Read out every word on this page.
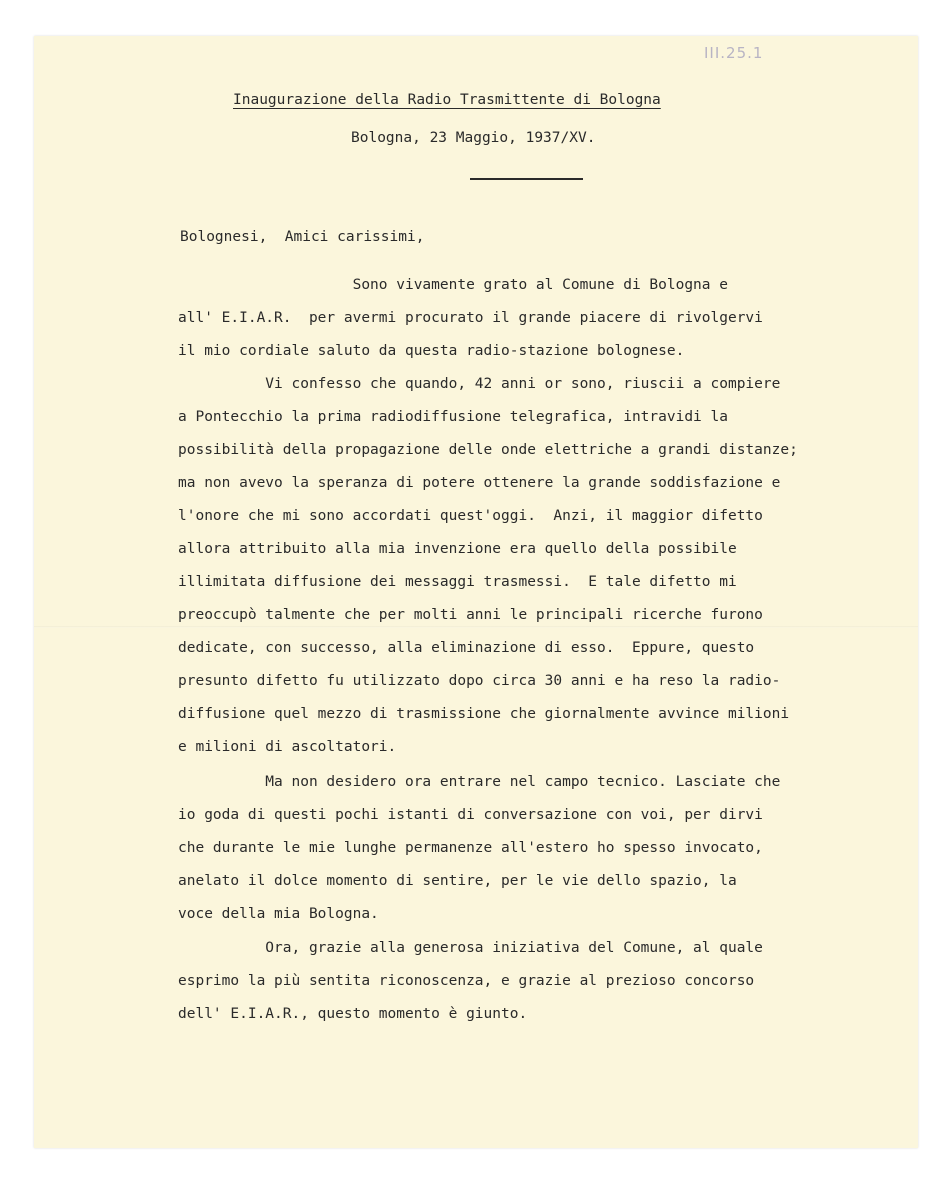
III.25.1
Inaugurazione della Radio Trasmittente di Bologna
Bologna, 23 Maggio, 1937/XV.
Bolognesi,  Amici carissimi,
Sono vivamente grato al Comune di Bologna e
all' E.I.A.R.  per avermi procurato il grande piacere di rivolgervi
il mio cordiale saluto da questa radio-stazione bolognese.
Vi confesso che quando, 42 anni or sono, riuscii a compiere
a Pontecchio la prima radiodiffusione telegrafica, intravidi la
possibilità della propagazione delle onde elettriche a grandi distanze;
ma non avevo la speranza di potere ottenere la grande soddisfazione e
l'onore che mi sono accordati quest'oggi.  Anzi, il maggior difetto
allora attribuito alla mia invenzione era quello della possibile
illimitata diffusione dei messaggi trasmessi.  E tale difetto mi
preoccupò talmente che per molti anni le principali ricerche furono
dedicate, con successo, alla eliminazione di esso.  Eppure, questo
presunto difetto fu utilizzato dopo circa 30 anni e ha reso la radio-
diffusione quel mezzo di trasmissione che giornalmente avvince milioni
e milioni di ascoltatori.
Ma non desidero ora entrare nel campo tecnico. Lasciate che
io goda di questi pochi istanti di conversazione con voi, per dirvi
che durante le mie lunghe permanenze all'estero ho spesso invocato,
anelato il dolce momento di sentire, per le vie dello spazio, la
voce della mia Bologna.
Ora, grazie alla generosa iniziativa del Comune, al quale
esprimo la più sentita riconoscenza, e grazie al prezioso concorso
dell' E.I.A.R., questo momento è giunto.
